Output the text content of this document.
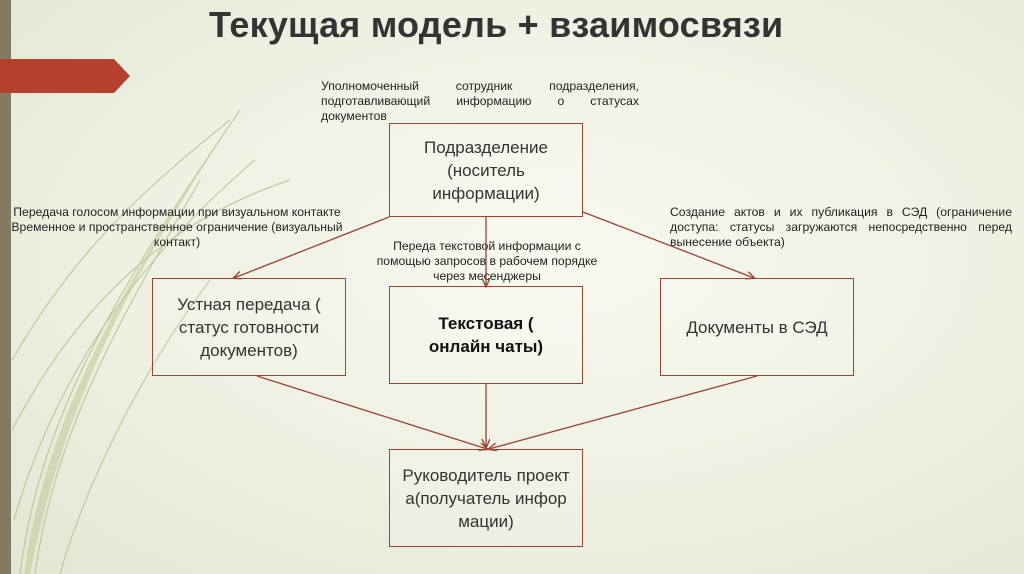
Текущая модель + взаимосвязи
Уполномоченный сотрудник подразделения, подготавливающий информацию о статусах документов
Передача голосом информации при визуальном контакте
Временное и пространственное ограничение (визуальный контакт)	Переда текстовой информации с помощью запросов в рабочем порядке через месенджеры
Создание актов и их публикация в СЭД (ограничение доступа: статусы загружаются непосредственно перед вынесение объекта)
Подразделение (носитель информации)
Устная передача ( статус готовности документов)
Текстовая ( онлайн чаты)
Документы в СЭД
Руководитель проекта(получатель информации)
